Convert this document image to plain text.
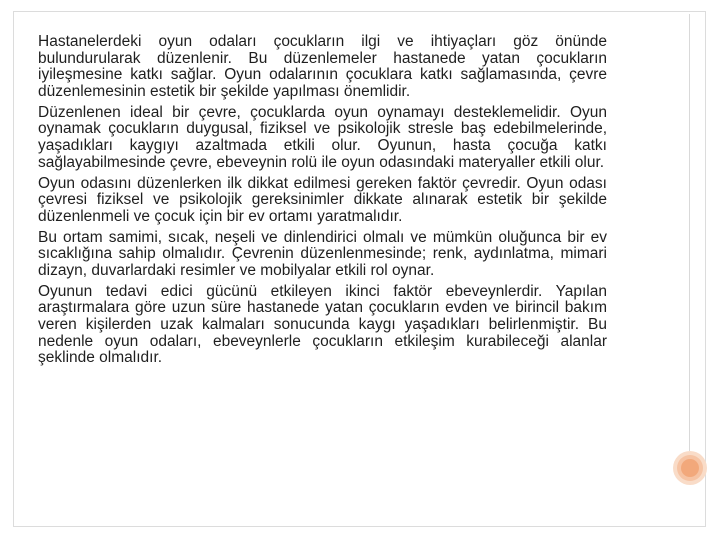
Hastanelerdeki oyun odaları çocukların ilgi ve ihtiyaçları göz önünde bulundurularak düzenlenir. Bu düzenlemeler hastanede yatan çocukların iyileşmesine katkı sağlar. Oyun odalarının çocuklara katkı sağlamasında, çevre düzenlemesinin estetik bir şekilde yapılması önemlidir.

Düzenlenen ideal bir çevre, çocuklarda oyun oynamayı desteklemelidir. Oyun oynamak çocukların duygusal, fiziksel ve psikolojik stresle baş edebilmelerinde, yaşadıkları kaygıyı azaltmada etkili olur. Oyunun, hasta çocuğa katkı sağlayabilmesinde çevre, ebeveynin rolü ile oyun odasındaki materyaller etkili olur.

Oyun odasını düzenlerken ilk dikkat edilmesi gereken faktör çevredir. Oyun odası çevresi fiziksel ve psikolojik gereksinimler dikkate alınarak estetik bir şekilde düzenlenmeli ve çocuk için bir ev ortamı yaratmalıdır.

Bu ortam samimi, sıcak, neşeli ve dinlendirici olmalı ve mümkün oluğunca bir ev sıcaklığına sahip olmalıdır. Çevrenin düzenlenmesinde; renk, aydınlatma, mimari dizayn, duvarlardaki resimler ve mobilyalar etkili rol oynar.

Oyunun tedavi edici gücünü etkileyen ikinci faktör ebeveynlerdir. Yapılan araştırmalara göre uzun süre hastanede yatan çocukların evden ve birincil bakım veren kişilerden uzak kalmaları sonucunda kaygı yaşadıkları belirlenmiştir. Bu nedenle oyun odaları, ebeveynlerle çocukların etkileşim kurabileceği alanlar şeklinde olmalıdır.
